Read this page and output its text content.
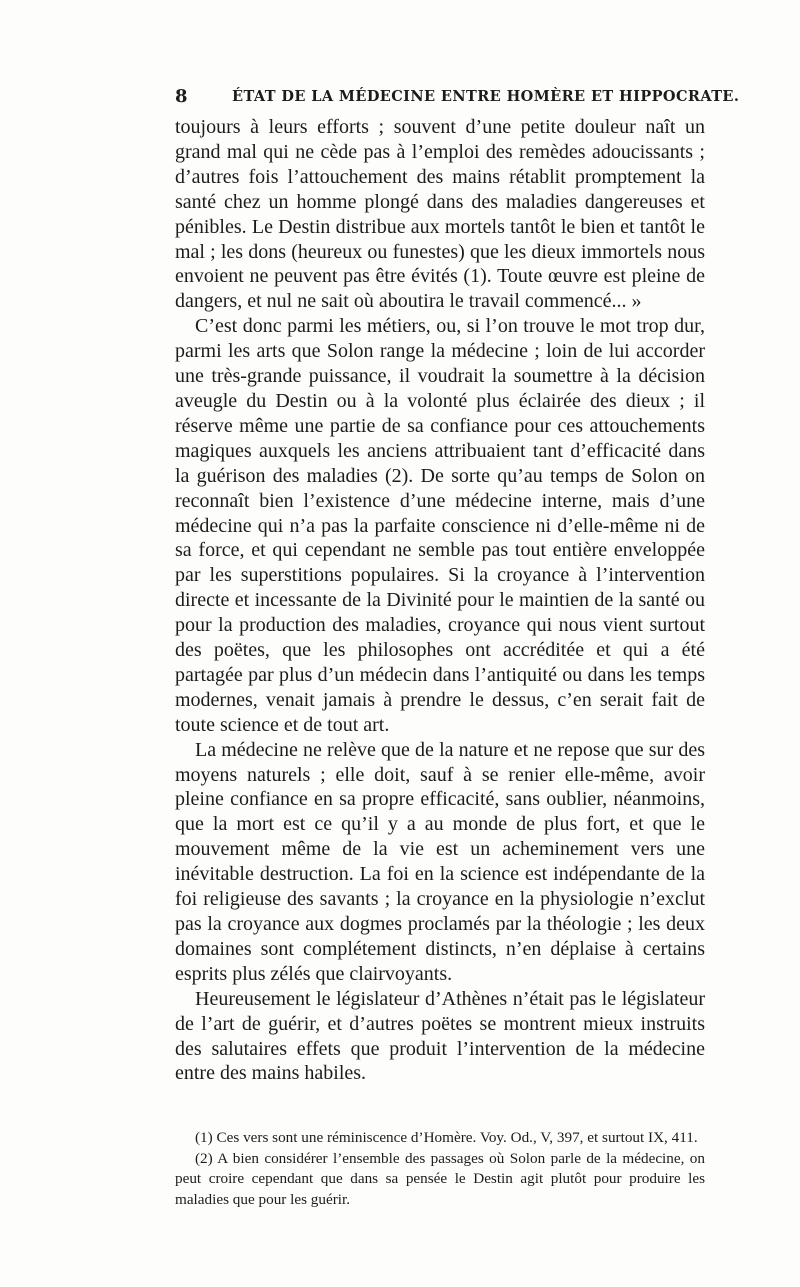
8	ÉTAT DE LA MÉDECINE ENTRE HOMÈRE ET HIPPOCRATE.

toujours à leurs efforts ; souvent d’une petite douleur naît un grand mal qui ne cède pas à l’emploi des remèdes adoucissants ; d’autres fois l’attouchement des mains rétablit promptement la santé chez un homme plongé dans des maladies dangereuses et pénibles. Le Destin distribue aux mortels tantôt le bien et tantôt le mal ; les dons (heureux ou funestes) que les dieux immortels nous envoient ne peuvent pas être évités (1). Toute œuvre est pleine de dangers, et nul ne sait où aboutira le travail commencé... »

C’est donc parmi les métiers, ou, si l’on trouve le mot trop dur, parmi les arts que Solon range la médecine ; loin de lui accorder une très-grande puissance, il voudrait la soumettre à la décision aveugle du Destin ou à la volonté plus éclairée des dieux ; il réserve même une partie de sa confiance pour ces attouchements magiques auxquels les anciens attribuaient tant d’efficacité dans la guérison des maladies (2). De sorte qu’au temps de Solon on reconnaît bien l’existence d’une médecine interne, mais d’une médecine qui n’a pas la parfaite conscience ni d’elle-même ni de sa force, et qui cependant ne semble pas tout entière enveloppée par les superstitions populaires. Si la croyance à l’intervention directe et incessante de la Divinité pour le maintien de la santé ou pour la production des maladies, croyance qui nous vient surtout des poëtes, que les philosophes ont accréditée et qui a été partagée par plus d’un médecin dans l’antiquité ou dans les temps modernes, venait jamais à prendre le dessus, c’en serait fait de toute science et de tout art.

La médecine ne relève que de la nature et ne repose que sur des moyens naturels ; elle doit, sauf à se renier elle-même, avoir pleine confiance en sa propre efficacité, sans oublier, néanmoins, que la mort est ce qu’il y a au monde de plus fort, et que le mouvement même de la vie est un acheminement vers une inévitable destruction. La foi en la science est indépendante de la foi religieuse des savants ; la croyance en la physiologie n’exclut pas la croyance aux dogmes proclamés par la théologie ; les deux domaines sont complétement distincts, n’en déplaise à certains esprits plus zélés que clairvoyants.

Heureusement le législateur d’Athènes n’était pas le législateur de l’art de guérir, et d’autres poëtes se montrent mieux instruits des salutaires effets que produit l’intervention de la médecine entre des mains habiles.

(1) Ces vers sont une réminiscence d’Homère. Voy. Od., V, 397, et surtout IX, 411.

(2) A bien considérer l’ensemble des passages où Solon parle de la médecine, on peut croire cependant que dans sa pensée le Destin agit plutôt pour produire les maladies que pour les guérir.
